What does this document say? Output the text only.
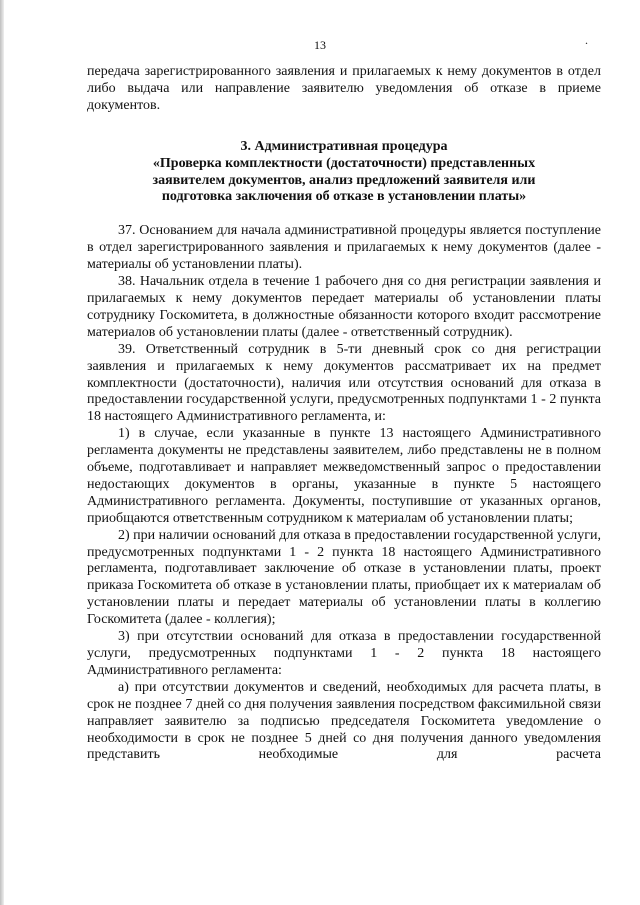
13	.

передача зарегистрированного заявления и прилагаемых к нему документов в отдел либо выдача или направление заявителю уведомления об отказе в приеме документов.

3. Административная процедура
«Проверка комплектности (достаточности) представленных
заявителем документов, анализ предложений заявителя или
подготовка заключения об отказе в установлении платы»

37. Основанием для начала административной процедуры является поступление в отдел зарегистрированного заявления и прилагаемых к нему документов (далее - материалы об установлении платы).

38. Начальник отдела в течение 1 рабочего дня со дня регистрации заявления и прилагаемых к нему документов передает материалы об установлении платы сотруднику Госкомитета, в должностные обязанности которого входит рассмотрение материалов об установлении платы (далее - ответственный сотрудник).

39. Ответственный сотрудник в 5-ти дневный срок со дня регистрации заявления и прилагаемых к нему документов рассматривает их на предмет комплектности (достаточности), наличия или отсутствия оснований для отказа в предоставлении государственной услуги, предусмотренных подпунктами 1 - 2 пункта 18 настоящего Административного регламента, и:

1) в случае, если указанные в пункте 13 настоящего Административного регламента документы не представлены заявителем, либо представлены не в полном объеме, подготавливает и направляет межведомственный запрос о предоставлении недостающих документов в органы, указанные в пункте 5 настоящего Административного регламента. Документы, поступившие от указанных органов, приобщаются ответственным сотрудником к материалам об установлении платы;

2) при наличии оснований для отказа в предоставлении государственной услуги, предусмотренных подпунктами 1 - 2 пункта 18 настоящего Административного регламента, подготавливает заключение об отказе в установлении платы, проект приказа Госкомитета об отказе в установлении платы, приобщает их к материалам об установлении платы и передает материалы об установлении платы в коллегию Госкомитета (далее - коллегия);

3) при отсутствии оснований для отказа в предоставлении государственной услуги, предусмотренных подпунктами 1 - 2 пункта 18 настоящего Административного регламента:

а) при отсутствии документов и сведений, необходимых для расчета платы, в срок не позднее 7 дней со дня получения заявления посредством факсимильной связи направляет заявителю за подписью председателя Госкомитета уведомление о необходимости в срок не позднее 5 дней со дня получения данного уведомления представить необходимые для расчета
